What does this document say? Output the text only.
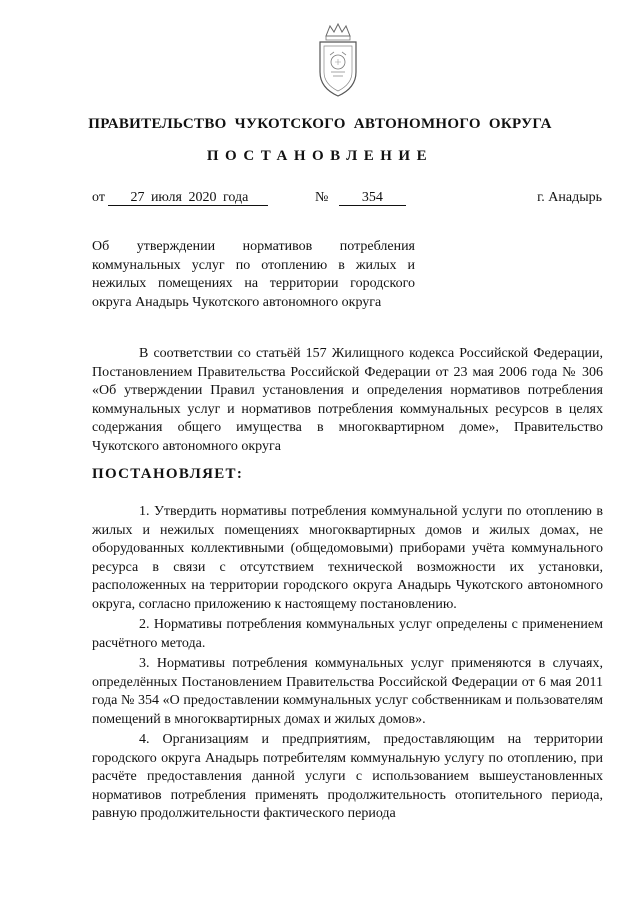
ПРАВИТЕЛЬСТВО ЧУКОТСКОГО АВТОНОМНОГО ОКРУГА
ПОСТАНОВЛЕНИЕ
от 27 июля 2020 года	№ 354	г. Анадырь

Об утверждении нормативов потребления коммунальных услуг по отоплению в жилых и нежилых помещениях на территории городского округа Анадырь Чукотского автономного округа

В соответствии со статьёй 157 Жилищного кодекса Российской Федерации, Постановлением Правительства Российской Федерации от 23 мая 2006 года № 306 «Об утверждении Правил установления и определения нормативов потребления коммунальных услуг и нормативов потребления коммунальных ресурсов в целях содержания общего имущества в многоквартирном доме», Правительство Чукотского автономного округа

ПОСТАНОВЛЯЕТ:

1. Утвердить нормативы потребления коммунальной услуги по отоплению в жилых и нежилых помещениях многоквартирных домов и жилых домах, не оборудованных коллективными (общедомовыми) приборами учёта коммунального ресурса в связи с отсутствием технической возможности их установки, расположенных на территории городского округа Анадырь Чукотского автономного округа, согласно приложению к настоящему постановлению.

2. Нормативы потребления коммунальных услуг определены с применением расчётного метода.

3. Нормативы потребления коммунальных услуг применяются в случаях, определённых Постановлением Правительства Российской Федерации от 6 мая 2011 года № 354 «О предоставлении коммунальных услуг собственникам и пользователям помещений в многоквартирных домах и жилых домов».

4. Организациям и предприятиям, предоставляющим на территории городского округа Анадырь потребителям коммунальную услугу по отоплению, при расчёте предоставления данной услуги с использованием вышеустановленных нормативов потребления применять продолжительность отопительного периода, равную продолжительности фактического периода
